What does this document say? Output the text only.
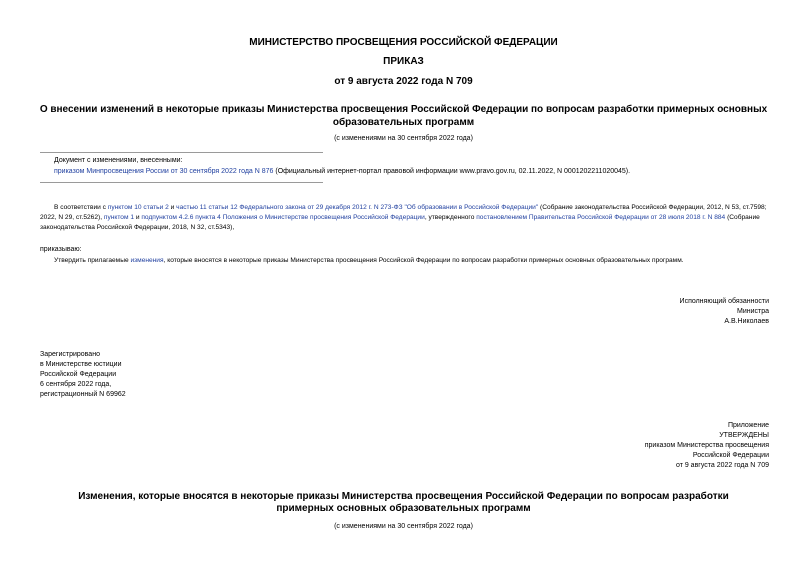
МИНИСТЕРСТВО ПРОСВЕЩЕНИЯ РОССИЙСКОЙ ФЕДЕРАЦИИ
ПРИКАЗ
от 9 августа 2022 года N 709
О внесении изменений в некоторые приказы Министерства просвещения Российской Федерации по вопросам разработки примерных основных образовательных программ
(с изменениями на 30 сентября 2022 года)
Документ с изменениями, внесенными:
приказом Минпросвещения России от 30 сентября 2022 года N 876 (Официальный интернет-портал правовой информации www.pravo.gov.ru, 02.11.2022, N 0001202211020045).
В соответствии с пунктом 10 статьи 2 и частью 11 статьи 12 Федерального закона от 29 декабря 2012 г. N 273-ФЗ "Об образовании в Российской Федерации" (Собрание законодательства Российской Федерации, 2012, N 53, ст.7598; 2022, N 29, ст.5262), пунктом 1 и подпунктом 4.2.6 пункта 4 Положения о Министерстве просвещения Российской Федерации, утвержденного постановлением Правительства Российской Федерации от 28 июля 2018 г. N 884 (Собрание законодательства Российской Федерации, 2018, N 32, ст.5343),
приказываю:
Утвердить прилагаемые изменения, которые вносятся в некоторые приказы Министерства просвещения Российской Федерации по вопросам разработки примерных основных образовательных программ.
Исполняющий обязанности
Министра
А.В.Николаев
Зарегистрировано
в Министерстве юстиции
Российской Федерации
6 сентября 2022 года,
регистрационный N 69962
Приложение
УТВЕРЖДЕНЫ
приказом Министерства просвещения
Российской Федерации
от 9 августа 2022 года N 709
Изменения, которые вносятся в некоторые приказы Министерства просвещения Российской Федерации по вопросам разработки примерных основных образовательных программ
(с изменениями на 30 сентября 2022 года)
